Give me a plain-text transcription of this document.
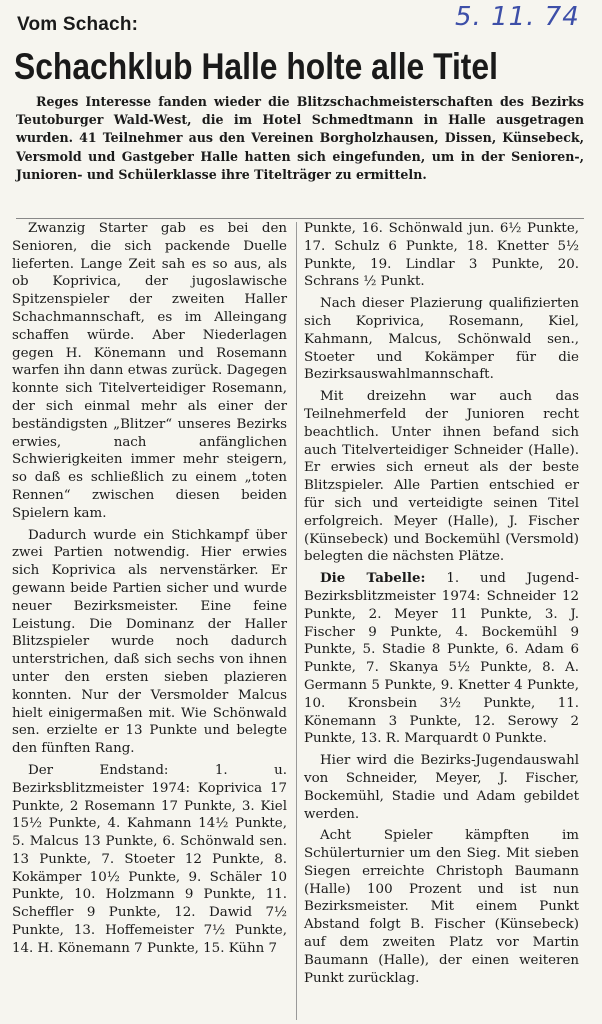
Vom Schach:	5. 11. 74
Schachklub Halle holte alle Titel
Reges Interesse fanden wieder die Blitzschachmeisterschaften des Bezirks Teutoburger Wald-West, die im Hotel Schmedtmann in Halle ausgetragen wurden. 41 Teilnehmer aus den Vereinen Borgholzhausen, Dissen, Künsebeck, Versmold und Gastgeber Halle hatten sich eingefunden, um in der Senioren-, Junioren- und Schülerklasse ihre Titelträger zu ermitteln.

Zwanzig Starter gab es bei den Senioren, die sich packende Duelle lieferten. Lange Zeit sah es so aus, als ob Koprivica, der jugoslawische Spitzenspieler der zweiten Haller Schachmannschaft, es im Alleingang schaffen würde. Aber Niederlagen gegen H. Könemann und Rosemann warfen ihn dann etwas zurück. Dagegen konnte sich Titelverteidiger Rosemann, der sich einmal mehr als einer der beständigsten „Blitzer“ unseres Bezirks erwies, nach anfänglichen Schwierigkeiten immer mehr steigern, so daß es schließlich zu einem „toten Rennen“ zwischen diesen beiden Spielern kam.

Dadurch wurde ein Stichkampf über zwei Partien notwendig. Hier erwies sich Koprivica als nervenstärker. Er gewann beide Partien sicher und wurde neuer Bezirksmeister. Eine feine Leistung. Die Dominanz der Haller Blitzspieler wurde noch dadurch unterstrichen, daß sich sechs von ihnen unter den ersten sieben plazieren konnten. Nur der Versmolder Malcus hielt einigermaßen mit. Wie Schönwald sen. erzielte er 13 Punkte und belegte den fünften Rang.

Der Endstand: 1. u. Bezirksblitzmeister 1974: Koprivica 17 Punkte, 2 Rosemann 17 Punkte, 3. Kiel 15½ Punkte, 4. Kahmann 14½ Punkte, 5. Malcus 13 Punkte, 6. Schönwald sen. 13 Punkte, 7. Stoeter 12 Punkte, 8. Kokämper 10½ Punkte, 9. Schäler 10 Punkte, 10. Holzmann 9 Punkte, 11. Scheffler 9 Punkte, 12. Dawid 7½ Punkte, 13. Hoffemeister 7½ Punkte, 14. H. Könemann 7 Punkte, 15. Kühn 7

Punkte, 16. Schönwald jun. 6½ Punkte, 17. Schulz 6 Punkte, 18. Knetter 5½ Punkte, 19. Lindlar 3 Punkte, 20. Schrans ½ Punkt.

Nach dieser Plazierung qualifizierten sich Koprivica, Rosemann, Kiel, Kahmann, Malcus, Schönwald sen., Stoeter und Kokämper für die Bezirksauswahlmannschaft.

Mit dreizehn war auch das Teilnehmerfeld der Junioren recht beachtlich. Unter ihnen befand sich auch Titelverteidiger Schneider (Halle). Er erwies sich erneut als der beste Blitzspieler. Alle Partien entschied er für sich und verteidigte seinen Titel erfolgreich. Meyer (Halle), J. Fischer (Künsebeck) und Bockemühl (Versmold) belegten die nächsten Plätze.

Die Tabelle: 1. und Jugend-Bezirksblitzmeister 1974: Schneider 12 Punkte, 2. Meyer 11 Punkte, 3. J. Fischer 9 Punkte, 4. Bockemühl 9 Punkte, 5. Stadie 8 Punkte, 6. Adam 6 Punkte, 7. Skanya 5½ Punkte, 8. A. Germann 5 Punkte, 9. Knetter 4 Punkte, 10. Kronsbein 3½ Punkte, 11. Könemann 3 Punkte, 12. Serowy 2 Punkte, 13. R. Marquardt 0 Punkte.

Hier wird die Bezirks-Jugendauswahl von Schneider, Meyer, J. Fischer, Bockemühl, Stadie und Adam gebildet werden.

Acht Spieler kämpften im Schülerturnier um den Sieg. Mit sieben Siegen erreichte Christoph Baumann (Halle) 100 Prozent und ist nun Bezirksmeister. Mit einem Punkt Abstand folgt B. Fischer (Künsebeck) auf dem zweiten Platz vor Martin Baumann (Halle), der einen weiteren Punkt zurücklag.
